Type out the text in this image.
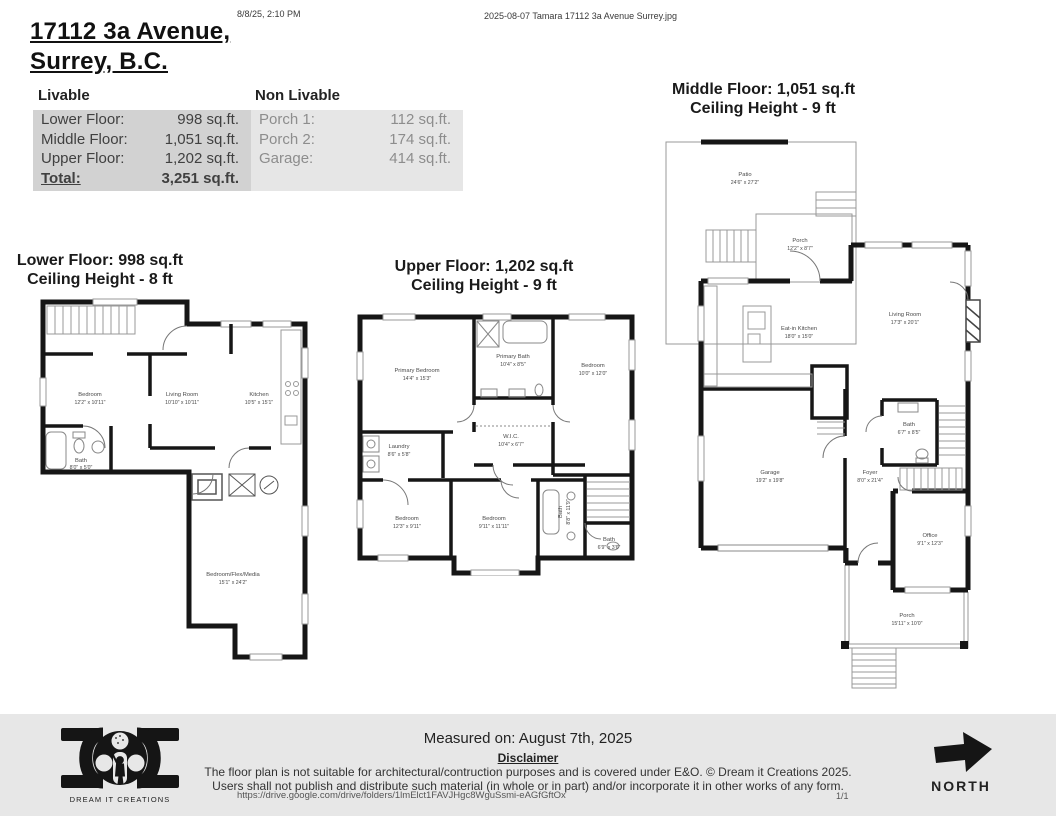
8/8/25, 2:10 PM	2025-08-07 Tamara 17112 3a Avenue Surrey.jpg
17112 3a Avenue,
Surrey, B.C.
Livable	Non Livable
Lower Floor:	998 sq.ft.
Middle Floor: 1,051 sq.ft.
Upper Floor:	1,202 sq.ft.
Total:	3,251 sq.ft.
Porch 1:	112 sq.ft.
Porch 2:	174 sq.ft.
Garage:	414 sq.ft.
Lower Floor: 998 sq.ft
Ceiling Height - 8 ft
Upper Floor: 1,202 sq.ft
Ceiling Height - 9 ft
Middle Floor: 1,051 sq.ft
Ceiling Height - 9 ft
Bedroom
12'2" x 10'11"
Living Room
10'10" x 10'11"
Kitchen
10'5" x 15'1"
Bath
8'0" x 5'0"
Bedroom/Flex/Media
15'1" x 24'2"
Primary Bedroom
14'4" x 15'3"
Primary Bath
10'4" x 8'5"	Bedroom
10'0" x 12'0"
W.I.C.
10'4" x 6'7"
Laundry
8'6" x 5'8"
Bedroom
12'3" x 9'11"
Bedroom
9'11" x 11'11"
Bath 8'8" x 11'9"
Bath
6'9" x 3'6"
Patio
24'6" x 27'2"
Porch
12'2" x 8'7"
Eat-in Kitchen
18'0" x 15'0"
Living Room
17'3" x 20'1"
Garage
19'2" x 19'8"
Bath
6'7" x 8'5"
Foyer
8'0" x 21'4"
Office
9'1" x 12'3"
Porch
15'11" x 10'0"
DREAM IT CREATIONS
Measured on: August 7th, 2025
Disclaimer
The floor plan is not suitable for architectural/contruction purposes and is covered under E&O. © Dream it Creations 2025.
Users shall not publish and distribute such material (in whole or in part) and/or incorporate it in other works of any form.
https://drive.google.com/drive/folders/1lmElct1FAVJHgc8WguSsmi-eAGfGftOx	1/1
NORTH
